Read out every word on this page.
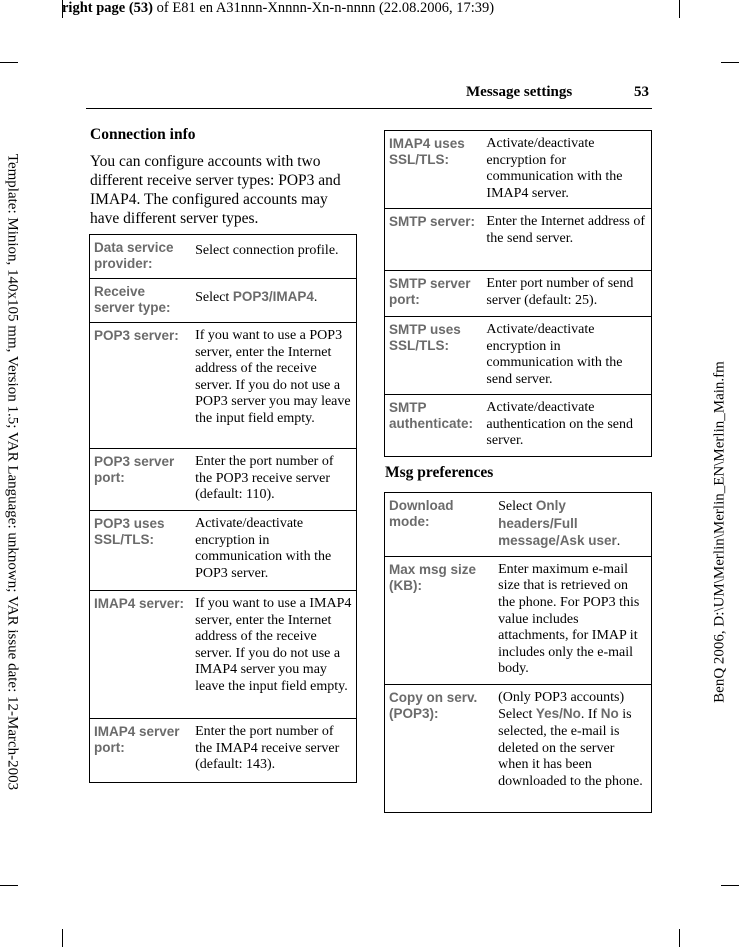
right page (53) of E81 en A31nnn-Xnnnn-Xn-n-nnnn (22.08.2006, 17:39)
Template: Minion, 140x105 mm, Version 1.5; VAR Language: unknown; VAR issue date: 12-March-2003	BenQ 2006, D:\UM\Merlin\Merlin_EN\Merlin_Main.fm
Message settings	53
Connection info
You can configure accounts with two different receive server types: POP3 and IMAP4. The configured accounts may have different server types.
Data service provider:	Select connection profile.
Receive server type:	Select POP3/IMAP4.
POP3 server:	If you want to use a POP3 server, enter the Internet address of the receive server. If you do not use a POP3 server you may leave the input field empty.
POP3 server port:	Enter the port number of the POP3 receive server (default: 110).
POP3 uses SSL/TLS:	Activate/deactivate encryption in communication with the POP3 server.
IMAP4 server:	If you want to use a IMAP4 server, enter the Internet address of the receive server. If you do not use a IMAP4 server you may leave the input field empty.
IMAP4 server port:	Enter the port number of the IMAP4 receive server (default: 143).
IMAP4 uses SSL/TLS:	Activate/deactivate encryption for communication with the IMAP4 server.
SMTP server:	Enter the Internet address of the send server.
SMTP server port:	Enter port number of send server (default: 25).
SMTP uses SSL/TLS:	Activate/deactivate encryption in communication with the send server.
SMTP authenticate:	Activate/deactivate authentication on the send server.
Msg preferences
Download mode:	Select Only headers/Full message/Ask user.
Max msg size (KB):	Enter maximum e-mail size that is retrieved on the phone. For POP3 this value includes attachments, for IMAP it includes only the e-mail body.
Copy on serv.(POP3):	(Only POP3 accounts) Select Yes/No. If No is selected, the e-mail is deleted on the server when it has been downloaded to the phone.
